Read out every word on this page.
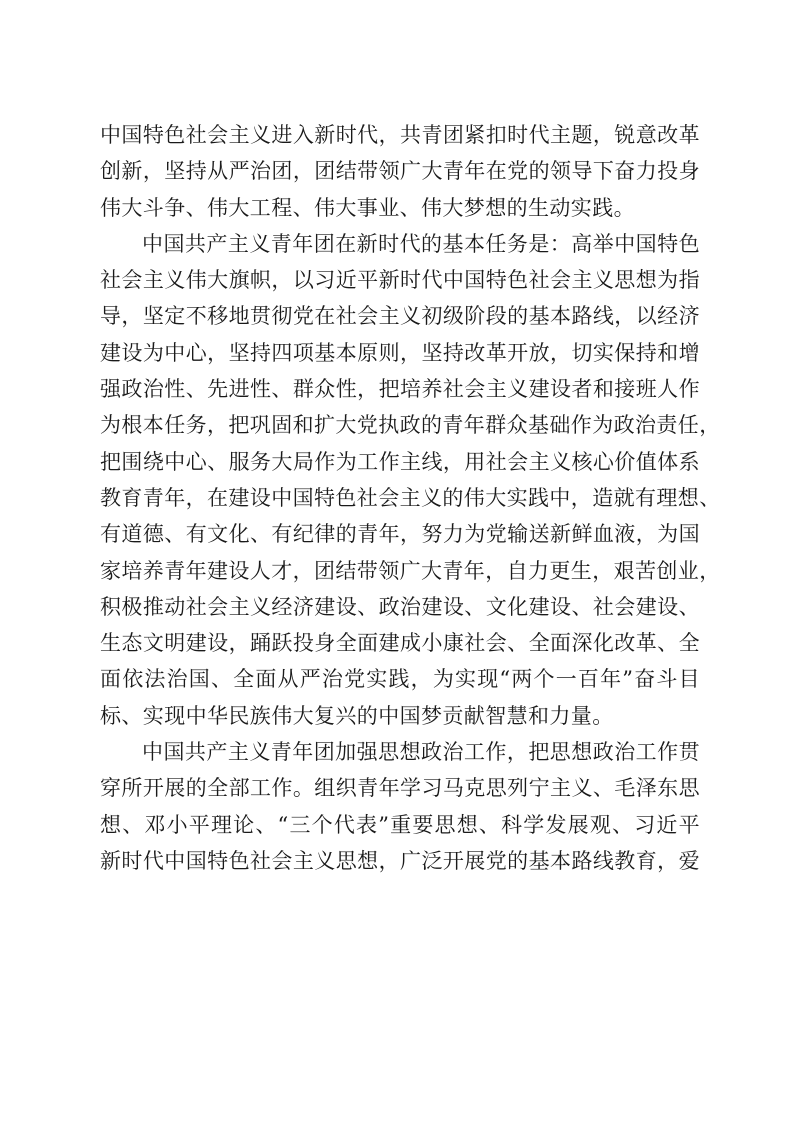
中国特色社会主义进入新时代，共青团紧扣时代主题，锐意改革
创新，坚持从严治团，团结带领广大青年在党的领导下奋力投身
伟大斗争、伟大工程、伟大事业、伟大梦想的生动实践。
中国共产主义青年团在新时代的基本任务是：高举中国特色
社会主义伟大旗帜，以习近平新时代中国特色社会主义思想为指
导，坚定不移地贯彻党在社会主义初级阶段的基本路线，以经济
建设为中心，坚持四项基本原则，坚持改革开放，切实保持和增
强政治性、先进性、群众性，把培养社会主义建设者和接班人作
为根本任务，把巩固和扩大党执政的青年群众基础作为政治责任，
把围绕中心、服务大局作为工作主线，用社会主义核心价值体系
教育青年，在建设中国特色社会主义的伟大实践中，造就有理想、
有道德、有文化、有纪律的青年，努力为党输送新鲜血液，为国
家培养青年建设人才，团结带领广大青年，自力更生，艰苦创业，
积极推动社会主义经济建设、政治建设、文化建设、社会建设、
生态文明建设，踊跃投身全面建成小康社会、全面深化改革、全
面依法治国、全面从严治党实践，为实现“两个一百年”奋斗目
标、实现中华民族伟大复兴的中国梦贡献智慧和力量。
中国共产主义青年团加强思想政治工作，把思想政治工作贯
穿所开展的全部工作。组织青年学习马克思列宁主义、毛泽东思
想、邓小平理论、“三个代表”重要思想、科学发展观、习近平
新时代中国特色社会主义思想，广泛开展党的基本路线教育，爱
